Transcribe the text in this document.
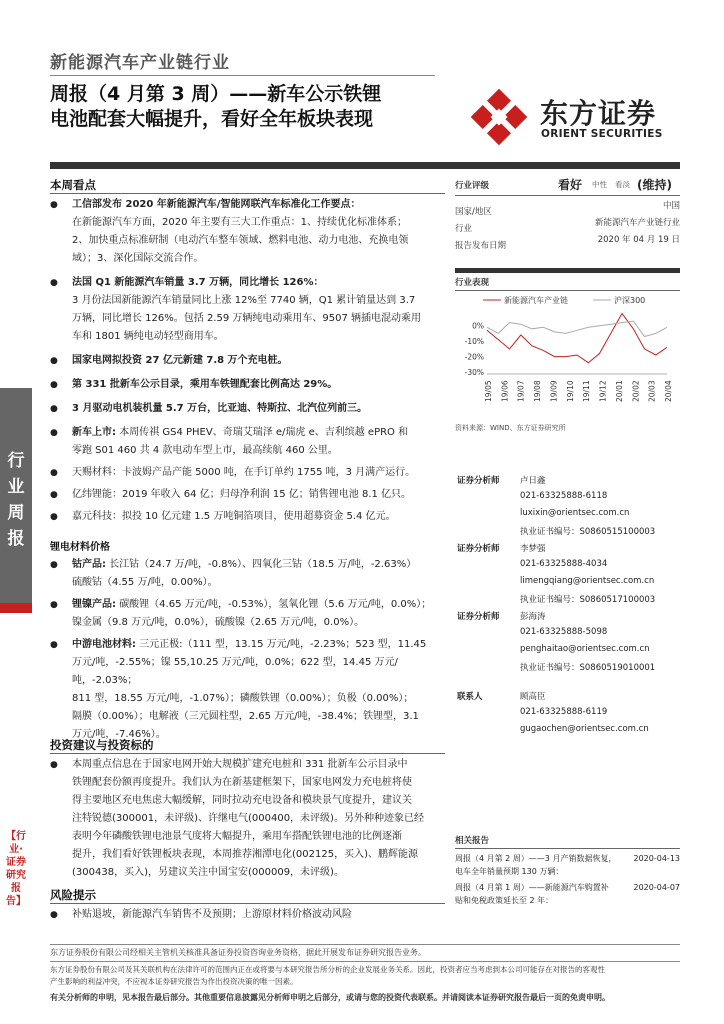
新能源汽车产业链行业
周报（4 月第 3 周）——新车公示铁锂
电池配套大幅提升，看好全年板块表现	东方证券
ORIENT SECURITIES
行业周报
【行业·证券研究报告】
本周看点
●	工信部发布 2020 年新能源汽车/智能网联汽车标准化工作要点：
在新能源汽车方面，2020 年主要有三大工作重点：1、持续优化标准体系；
2、加快重点标准研制（电动汽车整车领域、燃料电池、动力电池、充换电领
域）；3、深化国际交流合作。
●	法国 Q1 新能源汽车销量 3.7 万辆，同比增长 126%：
3 月份法国新能源汽车销量同比上涨 12%至 7740 辆，Q1 累计销量达到 3.7
万辆，同比增长 126%。包括 2.59 万辆纯电动乘用车、9507 辆插电混动乘用
车和 1801 辆纯电动轻型商用车。
●	国家电网拟投资 27 亿元新建 7.8 万个充电桩。
●	第 331 批新车公示目录，乘用车铁锂配套比例高达 29%。
●	3 月驱动电机装机量 5.7 万台，比亚迪、特斯拉、北汽位列前三。
●	新车上市: 本周传祺 GS4 PHEV、奇瑞艾瑞泽 e/瑞虎 e、吉利缤越 ePRO 和
零跑 S01 460 共 4 款电动车型上市，最高续航 460 公里。
●	天赐材料：卡波姆产品产能 5000 吨，在手订单约 1755 吨，3 月满产运行。
●	亿纬锂能：2019 年收入 64 亿；归母净利润 15 亿；销售锂电池 8.1 亿只。
●	嘉元科技：拟投 10 亿元建 1.5 万吨铜箔项目，使用超募资金 5.4 亿元。
锂电材料价格
●	钴产品: 长江钴（24.7 万/吨，-0.8%）、四氧化三钴（18.5 万/吨，-2.63%）
硫酸钴（4.55 万/吨，0.00%）。
●	锂镍产品: 碳酸锂（4.65 万元/吨，-0.53%），氢氧化锂（5.6 万元/吨，0.0%）；
镍金属（9.8 万元/吨，0.0%），硫酸镍（2.65 万元/吨，0.0%）。
●	中游电池材料: 三元正极:（111 型，13.15 万元/吨，-2.23%；523 型，11.45
万元/吨，-2.55%；镍 55,10.25 万元/吨，0.0%；622 型，14.45 万元/吨，-2.03%；
811 型，18.55 万元/吨，-1.07%）；磷酸铁锂（0.00%）；负极（0.00%）；
隔膜（0.00%）；电解液（三元圆柱型，2.65 万元/吨，-38.4%；铁锂型，3.1
万元/吨，-7.46%）。
投资建议与投资标的
●	本周重点信息在于国家电网开始大规模扩建充电桩和 331 批新车公示目录中
铁锂配套份额再度提升。我们认为在新基建框架下，国家电网发力充电桩将使
得主要地区充电焦虑大幅缓解，同时拉动充电设备和模块景气度提升，建议关
注特锐德(300001，未评级)、许继电气(000400，未评级)。另外种种迹象已经
表明今年磷酸铁锂电池景气度将大幅提升，乘用车搭配铁锂电池的比例逐渐
提升，我们看好铁锂板块表现，本周推荐湘潭电化(002125，买入)、鹏辉能源
(300438，买入)，另建议关注中国宝安(000009，未评级)。
风险提示
●	补贴退坡，新能源汽车销售不及预期；上游原材料价格波动风险
行业评级	看好 中性 看淡 (维持)
国家/地区
中国
行业
新能源汽车产业链行业
报告发布日期
2020 年 04 月 19 日
行业表现
新能源汽车产业链	沪深300
0%
-10%
-20%
-30%
19/05 19/06 19/07 19/08 19/09 19/10 19/11 19/12 20/01 20/02 20/03 20/04
资料来源：WIND、东方证券研究所
证券分析师 卢日鑫
021-63325888-6118
luxixin@orientsec.com.cn
执业证书编号：S0860515100003
证券分析师 李梦强
021-63325888-4034
limengqiang@orientsec.com.cn
执业证书编号：S0860517100003
证券分析师 彭海涛
021-63325888-5098
penghaitao@orientsec.com.cn
执业证书编号：S0860519010001
联系人	顾高臣
021-63325888-6119
gugaochen@orientsec.com.cn
相关报告
周报（4 月第 2 周）——3 月产销数据恢复，
电车全年销量预期 130 万辆：
2020-04-13
周报（4 月第 1 周）——新能源汽车购置补
贴和免税政策延长至 2 年：
2020-04-07
东方证券股份有限公司经相关主管机关核准具备证券投资咨询业务资格，据此开展发布证券研究报告业务。
东方证券股份有限公司及其关联机构在法律许可的范围内正在或将要与本研究报告所分析的企业发展业务关系。因此，投资者应当考虑到本公司可能存在对报告的客观性
产生影响的利益冲突，不应视本证券研究报告为作出投资决策的唯一因素。
有关分析师的申明，见本报告最后部分。其他重要信息披露见分析师申明之后部分，或请与您的投资代表联系。并请阅读本证券研究报告最后一页的免责申明。
